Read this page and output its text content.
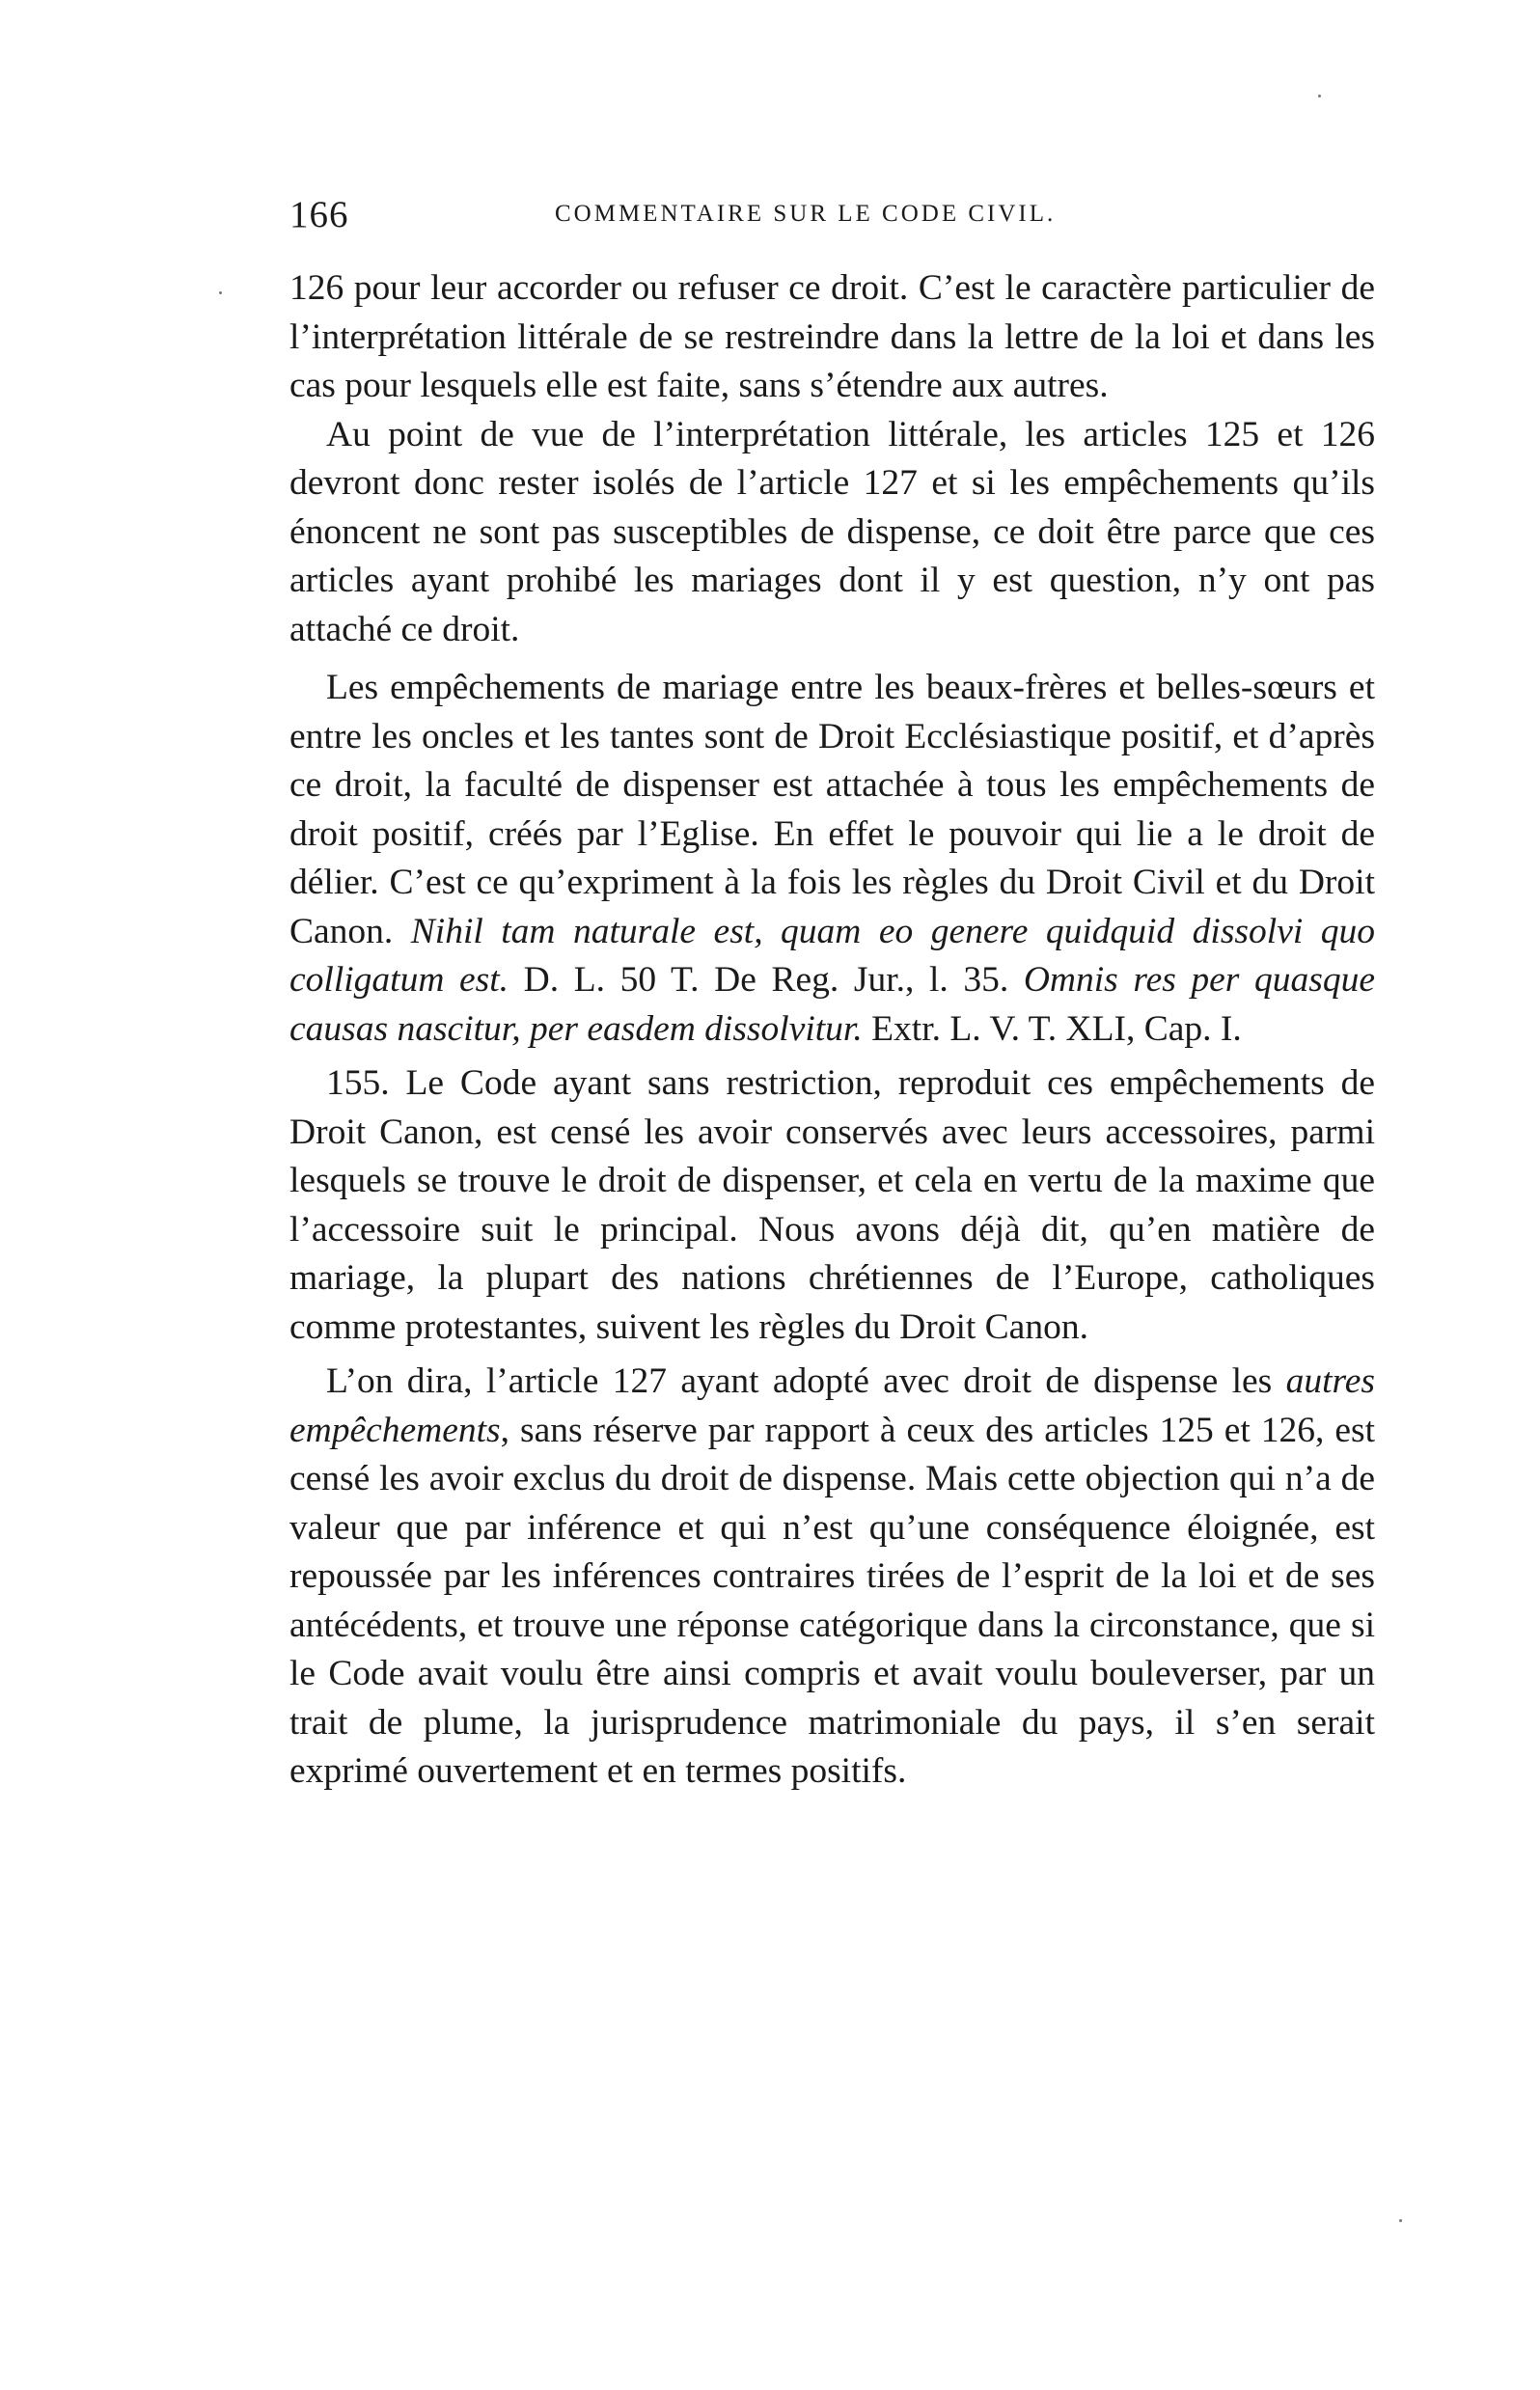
166	COMMENTAIRE SUR LE CODE CIVIL.

126 pour leur accorder ou refuser ce droit. C’est le caractère particulier de l’interprétation littérale de se restreindre dans la lettre de la loi et dans les cas pour lesquels elle est faite, sans s’étendre aux autres.

Au point de vue de l’interprétation littérale, les articles 125 et 126 devront donc rester isolés de l’article 127 et si les empêchements qu’ils énoncent ne sont pas susceptibles de dispense, ce doit être parce que ces articles ayant prohibé les mariages dont il y est question, n’y ont pas attaché ce droit.

Les empêchements de mariage entre les beaux-frères et belles-sœurs et entre les oncles et les tantes sont de Droit Ecclésiastique positif, et d’après ce droit, la faculté de dispenser est attachée à tous les empêchements de droit positif, créés par l’Eglise. En effet le pouvoir qui lie a le droit de délier. C’est ce qu’expriment à la fois les règles du Droit Civil et du Droit Canon. Nihil tam naturale est, quam eo genere quidquid dissolvi quo colligatum est. D. L. 50 T. De Reg. Jur., l. 35. Omnis res per quasque causas nascitur, per easdem dissolvitur. Extr. L. V. T. XLI, Cap. I.

155. Le Code ayant sans restriction, reproduit ces empêchements de Droit Canon, est censé les avoir conservés avec leurs accessoires, parmi lesquels se trouve le droit de dispenser, et cela en vertu de la maxime que l’accessoire suit le principal. Nous avons déjà dit, qu’en matière de mariage, la plupart des nations chrétiennes de l’Europe, catholiques comme protestantes, suivent les règles du Droit Canon.

L’on dira, l’article 127 ayant adopté avec droit de dispense les autres empêchements, sans réserve par rapport à ceux des articles 125 et 126, est censé les avoir exclus du droit de dispense. Mais cette objection qui n’a de valeur que par inférence et qui n’est qu’une conséquence éloignée, est repoussée par les inférences contraires tirées de l’esprit de la loi et de ses antécédents, et trouve une réponse catégorique dans la circonstance, que si le Code avait voulu être ainsi compris et avait voulu bouleverser, par un trait de plume, la jurisprudence matrimoniale du pays, il s’en serait exprimé ouvertement et en termes positifs.
